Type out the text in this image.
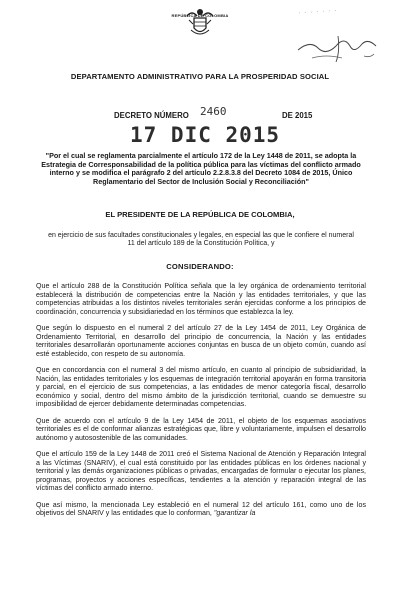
REPÚBLICA DE COLOMBIA	· · · · · · ·
DEPARTAMENTO ADMINISTRATIVO PARA LA PROSPERIDAD SOCIAL
DECRETO NÚMERO 2460	DE 2015
17 DIC 2015
"Por el cual se reglamenta parcialmente el artículo 172 de la Ley 1448 de 2011, se adopta la Estrategia de Corresponsabilidad de la política pública para las víctimas del conflicto armado interno y se modifica el parágrafo 2 del artículo 2.2.8.3.8 del Decreto 1084 de 2015, Único Reglamentario del Sector de Inclusión Social y Reconciliación"
EL PRESIDENTE DE LA REPÚBLICA DE COLOMBIA,
en ejercicio de sus facultades constitucionales y legales, en especial las que le confiere el numeral 11 del artículo 189 de la Constitución Política, y
CONSIDERANDO:

Que el artículo 288 de la Constitución Política señala que la ley orgánica de ordenamiento territorial establecerá la distribución de competencias entre la Nación y las entidades territoriales, y que las competencias atribuidas a los distintos niveles territoriales serán ejercidas conforme a los principios de coordinación, concurrencia y subsidiariedad en los términos que establezca la ley.

Que según lo dispuesto en el numeral 2 del artículo 27 de la Ley 1454 de 2011, Ley Orgánica de Ordenamiento Territorial, en desarrollo del principio de concurrencia, la Nación y las entidades territoriales desarrollarán oportunamente acciones conjuntas en busca de un objeto común, cuando así esté establecido, con respeto de su autonomía.

Que en concordancia con el numeral 3 del mismo artículo, en cuanto al principio de subsidiaridad, la Nación, las entidades territoriales y los esquemas de integración territorial apoyarán en forma transitoria y parcial, en el ejercicio de sus competencias, a las entidades de menor categoría fiscal, desarrollo económico y social, dentro del mismo ámbito de la jurisdicción territorial, cuando se demuestre su imposibilidad de ejercer debidamente determinadas competencias.

Que de acuerdo con el artículo 9 de la Ley 1454 de 2011, el objeto de los esquemas asociativos territoriales es el de conformar alianzas estratégicas que, libre y voluntariamente, impulsen el desarrollo autónomo y autosostenible de las comunidades.

Que el artículo 159 de la Ley 1448 de 2011 creó el Sistema Nacional de Atención y Reparación Integral a las Víctimas (SNARIV), el cual está constituido por las entidades públicas en los órdenes nacional y territorial y las demás organizaciones públicas o privadas, encargadas de formular o ejecutar los planes, programas, proyectos y acciones específicas, tendientes a la atención y reparación integral de las víctimas del conflicto armado interno.

Que así mismo, la mencionada Ley estableció en el numeral 12 del artículo 161, como uno de los objetivos del SNARIV y las entidades que lo conforman, "garantizar la
